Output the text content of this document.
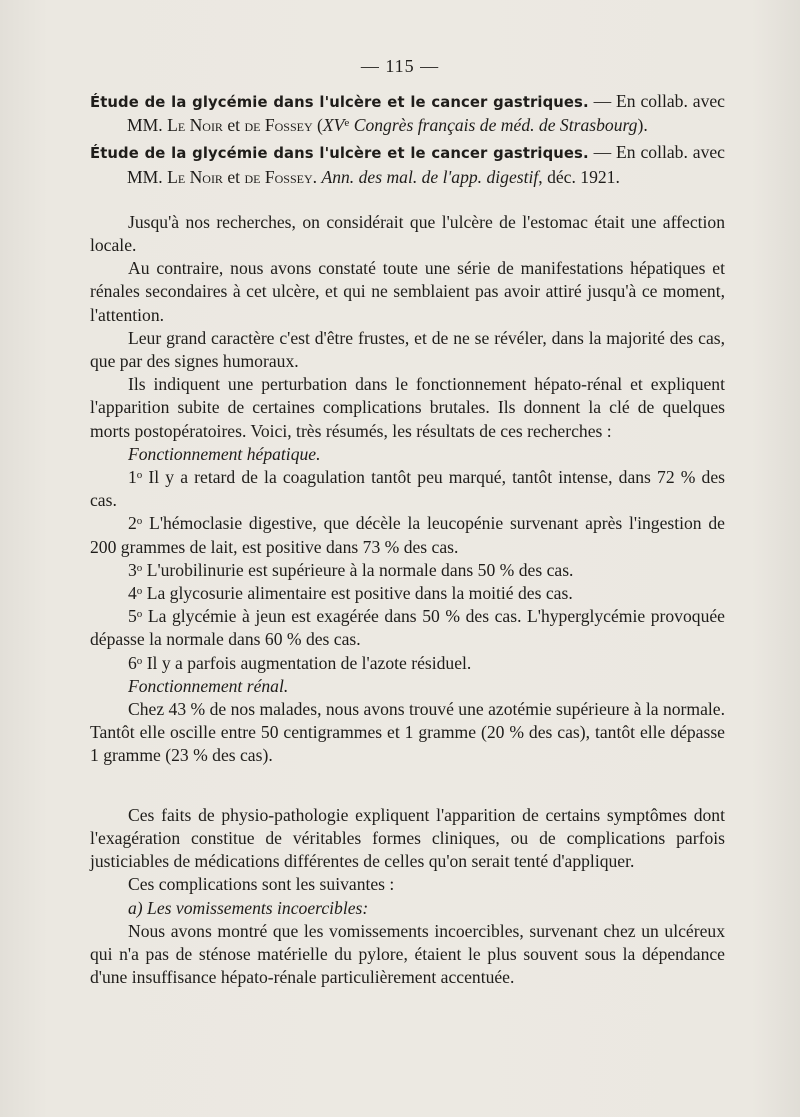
— 115 —

Étude de la glycémie dans l'ulcère et le cancer gastriques. — En collab. avec MM. Le Noir et de Fossey (XVe Congrès français de méd. de Strasbourg).

Étude de la glycémie dans l'ulcère et le cancer gastriques. — En collab. avec MM. Le Noir et de Fossey. Ann. des mal. de l'app. digestif, déc. 1921.

Jusqu'à nos recherches, on considérait que l'ulcère de l'estomac était une affection locale.

Au contraire, nous avons constaté toute une série de manifestations hépatiques et rénales secondaires à cet ulcère, et qui ne semblaient pas avoir attiré jusqu'à ce moment, l'attention.

Leur grand caractère c'est d'être frustes, et de ne se révéler, dans la majorité des cas, que par des signes humoraux.

Ils indiquent une perturbation dans le fonctionnement hépato-rénal et expliquent l'apparition subite de certaines complications brutales. Ils donnent la clé de quelques morts postopératoires. Voici, très résumés, les résultats de ces recherches :

Fonctionnement hépatique.

1$^o$ Il y a retard de la coagulation tantôt peu marqué, tantôt intense, dans 72 % des cas.

2$^o$ L'hémoclasie digestive, que décèle la leucopénie survenant après l'ingestion de 200 grammes de lait, est positive dans 73 % des cas.

3$^o$ L'urobilinurie est supérieure à la normale dans 50 % des cas.

4$^o$ La glycosurie alimentaire est positive dans la moitié des cas.

5$^o$ La glycémie à jeun est exagérée dans 50 % des cas. L'hyperglycémie provoquée dépasse la normale dans 60 % des cas.

6$^o$ Il y a parfois augmentation de l'azote résiduel.

Fonctionnement rénal.

Chez 43 % de nos malades, nous avons trouvé une azotémie supérieure à la normale. Tantôt elle oscille entre 50 centigrammes et 1 gramme (20 % des cas), tantôt elle dépasse 1 gramme (23 % des cas).

Ces faits de physio-pathologie expliquent l'apparition de certains symptômes dont l'exagération constitue de véritables formes cliniques, ou de complications parfois justiciables de médications différentes de celles qu'on serait tenté d'appliquer.

Ces complications sont les suivantes :

a) Les vomissements incoercibles:

Nous avons montré que les vomissements incoercibles, survenant chez un ulcéreux qui n'a pas de sténose matérielle du pylore, étaient le plus souvent sous la dépendance d'une insuffisance hépato-rénale particulièrement accentuée.
